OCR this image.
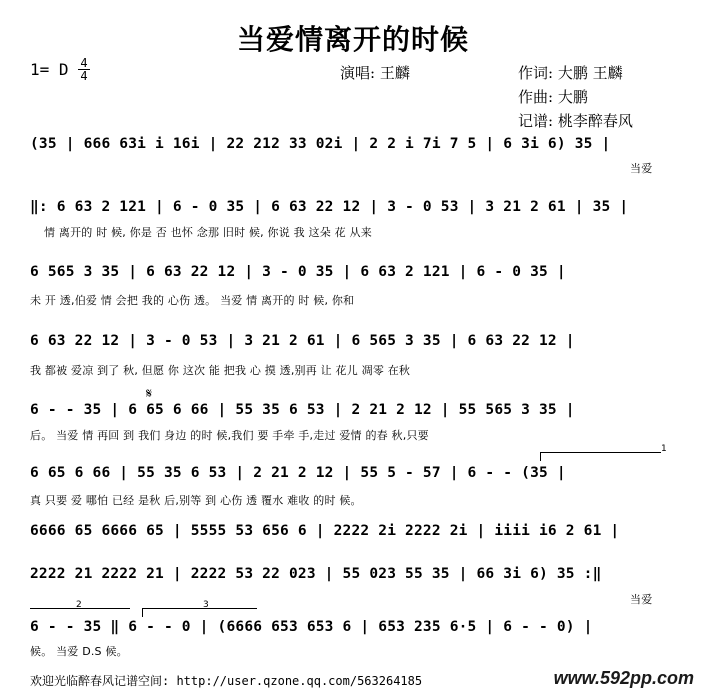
当爱情离开的时候
1= D 4
4	演唱: 王麟	作词: 大鹏 王麟
作曲: 大鹏
记谱: 桃李醉春风
(35 | 666 63i i 16i | 22 212 33 02i | 2 2 i 7i 7 5 | 6 3i 6) 35 |
当爱
‖: 6 63 2 121 | 6 - 0 35 | 6 63 22 12 | 3 - 0 53 | 3 21 2 61 | 35 |
情 离开的 时 候, 你是 否 也怀 念那 旧时 候, 你说 我 这朵 花 从来
6 565 3 35 | 6 63 22 12 | 3 - 0 35 | 6 63 2 121 | 6 - 0 35 |
未 开 透,伯爱 情 会把 我的 心伤 透。 当爱 情 离开的 时 候, 你和
6 63 22 12 | 3 - 0 53 | 3 21 2 61 | 6 565 3 35 | 6 63 22 12 |
我 都被 爱凉 到了 秋, 但愿 你 这次 能 把我 心 摸 透,别再 让 花儿 凋零 在秋
𝄋
6 - - 35 | 6 65 6 66 | 55 35 6 53 | 2 21 2 12 | 55 565 3 35 |
后。 当爱 情 再回 到 我们 身边 的时 候,我们 要 手牵 手,走过 爱情 的春 秋,只要
1
6 65 6 66 | 55 35 6 53 | 2 21 2 12 | 55 5 - 57 | 6 - - (35 |
真 只要 爱 哪怕 已经 是秋 后,别等 到 心伤 透 覆水 难收 的时 候。
6666 65 6666 65 | 5555 53 656 6 | 2222 2i 2222 2i | iiii i6 2 61 |
2222 21 2222 21 | 2222 53 22 023 | 55 023 55 35 | 66 3i 6) 35 :‖
当爱
2	3
6 - - 35 ‖ 6 - - 0 | (6666 653 653 6 | 653 235 6·5 | 6 - - 0) |
候。 当爱 D.S 候。
欢迎光临醉春风记谱空间: http://user.qzone.qq.com/563264185	www.592pp.com
